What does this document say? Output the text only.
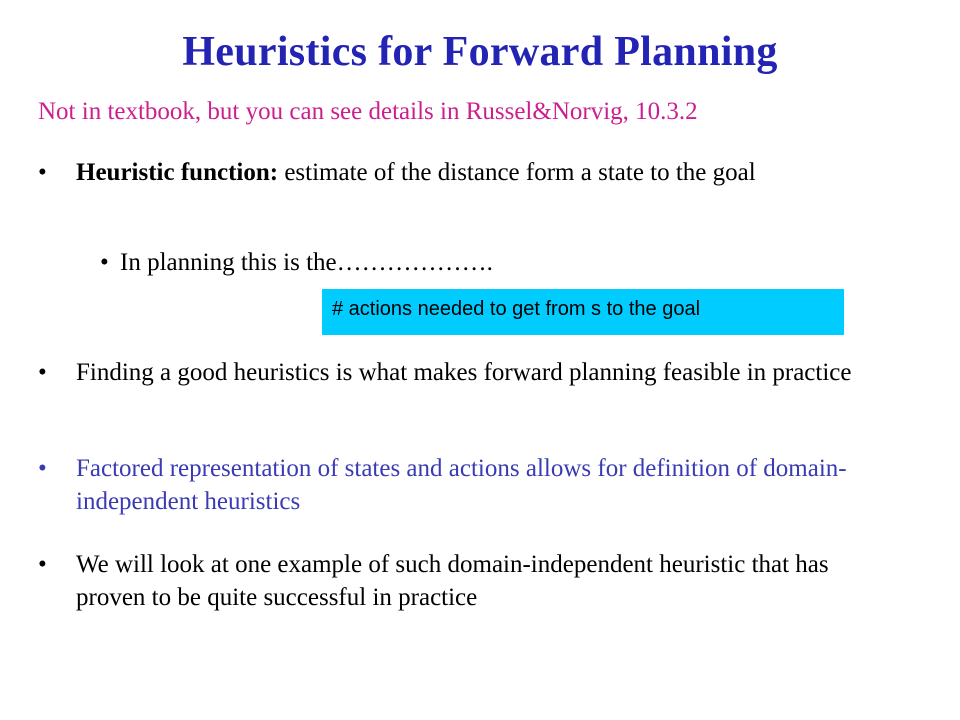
Heuristics for Forward Planning
Not in textbook, but you can see details in Russel&Norvig, 10.3.2
• Heuristic function: estimate of the distance form a state to the goal
• In planning this is the……………….
# actions needed to get from s to the goal
• Finding a good heuristics is what makes forward planning feasible in practice
• Factored representation of states and actions allows for definition of domain-independent heuristics
• We will look at one example of such domain-independent heuristic that has proven to be quite successful in practice
